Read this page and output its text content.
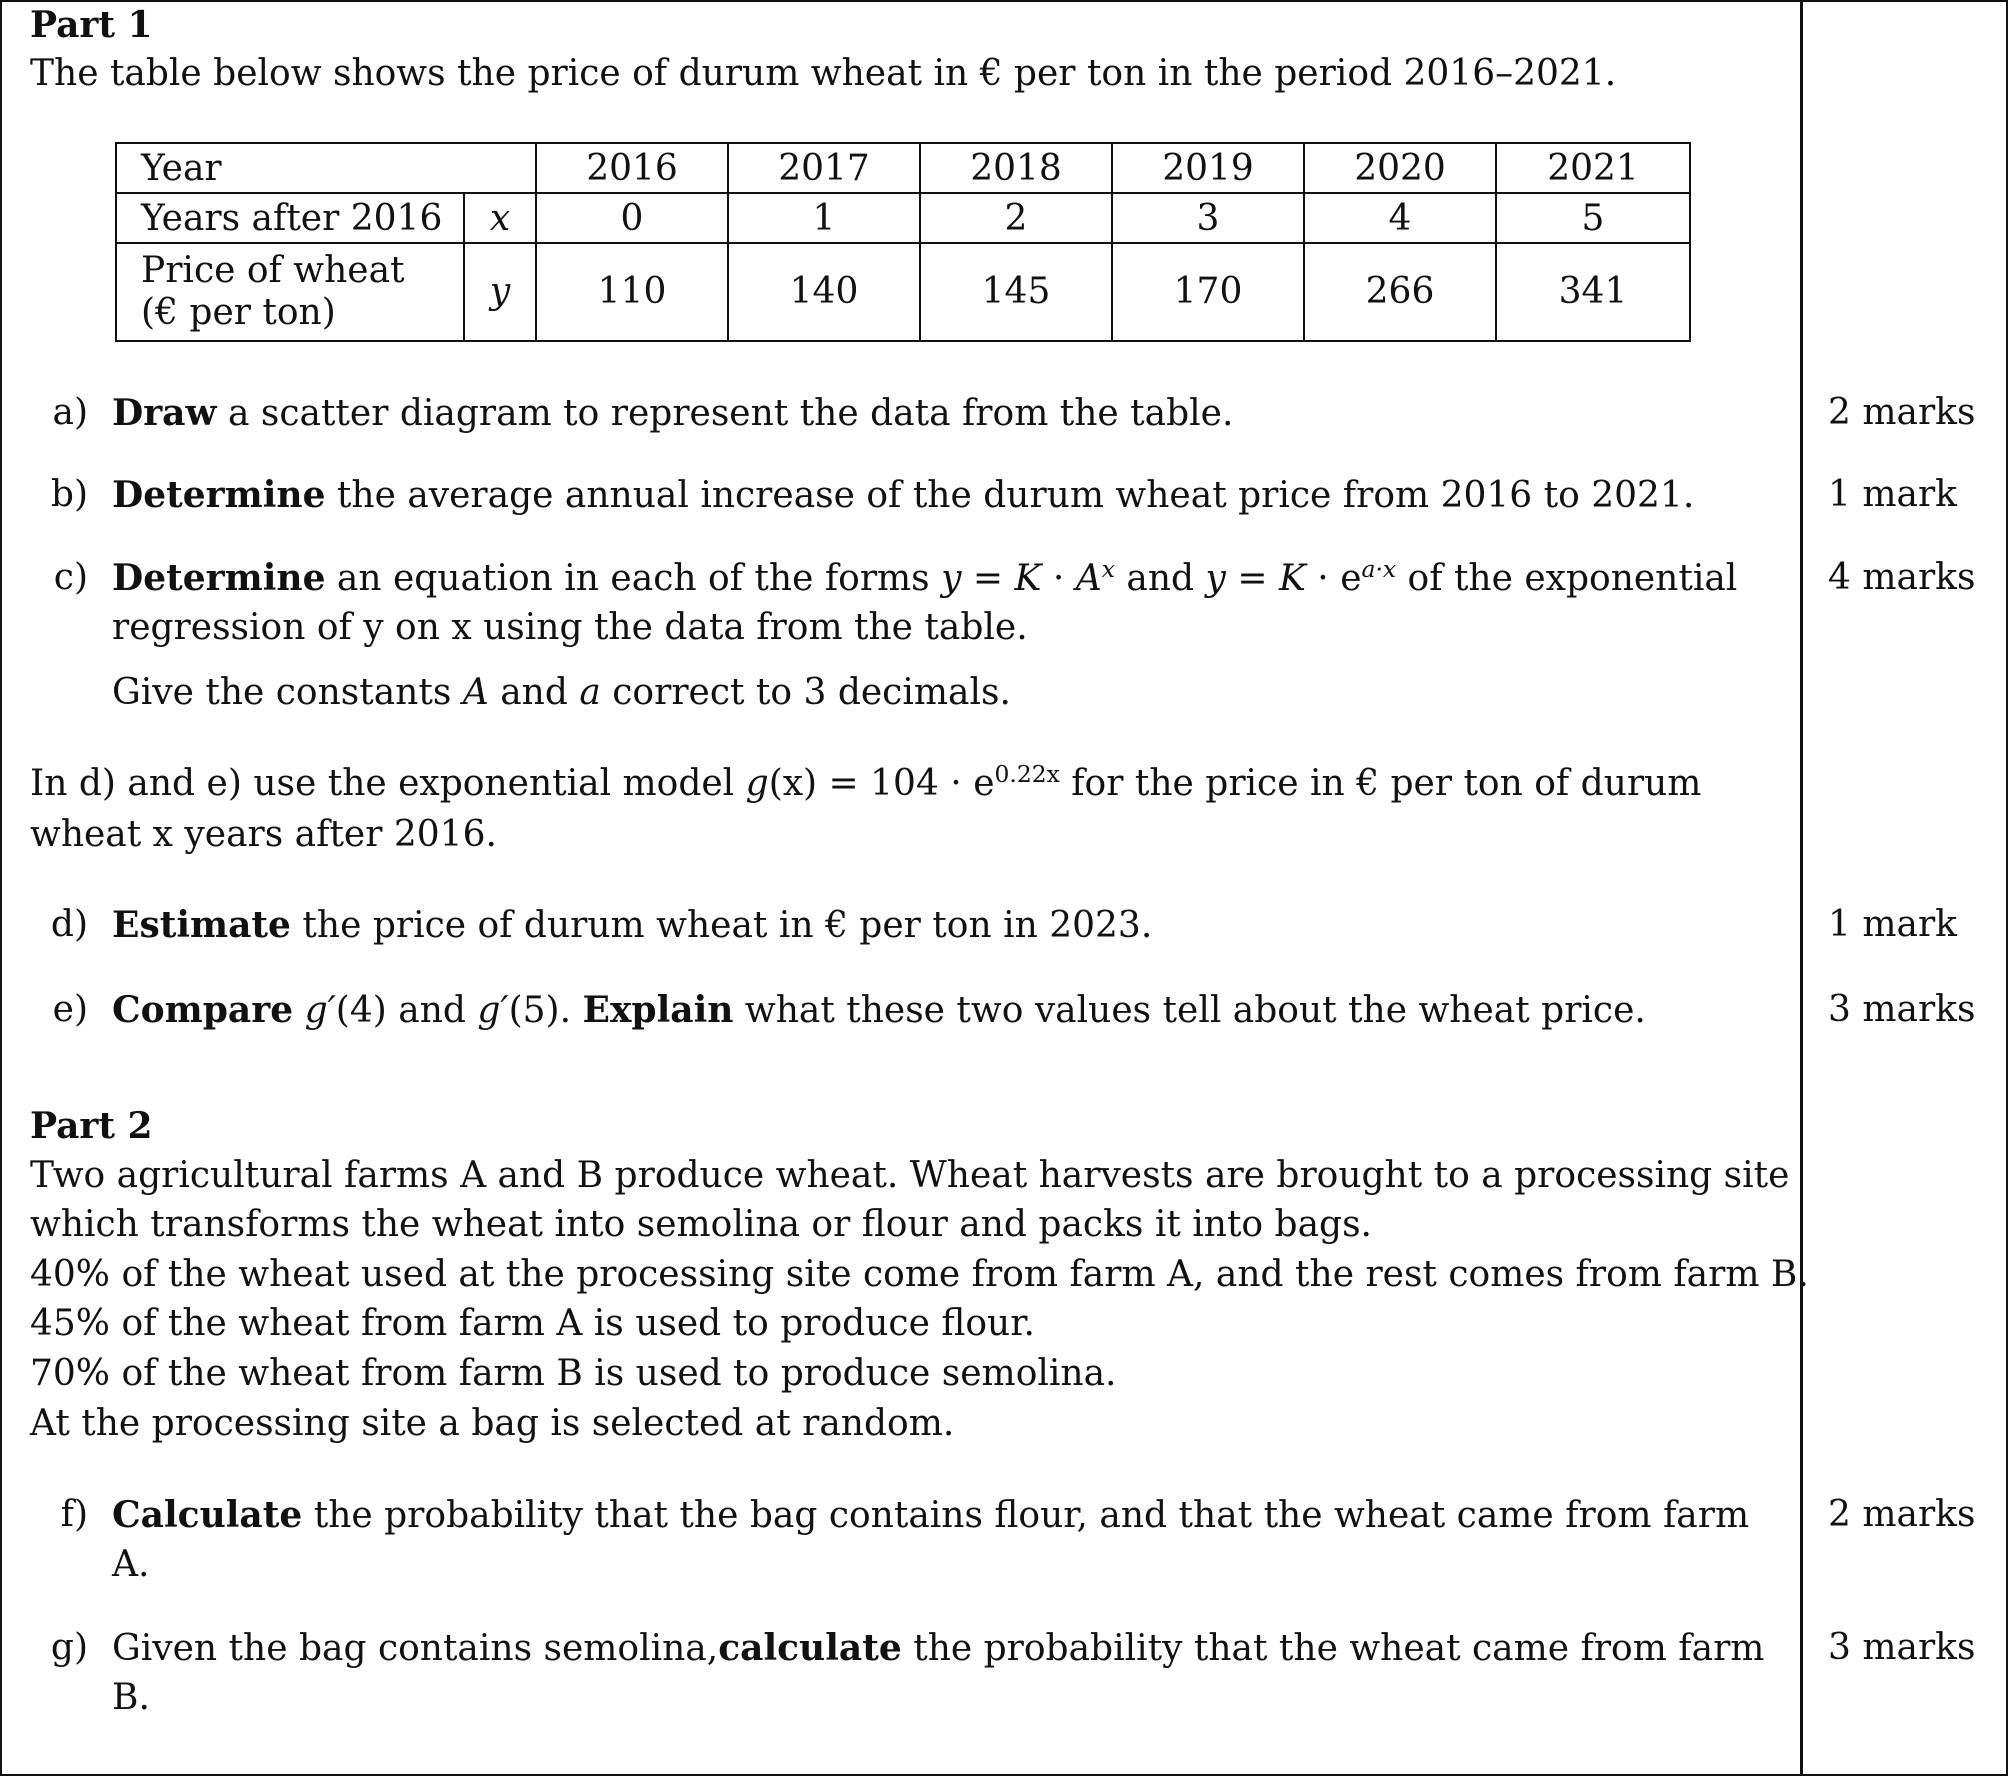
Part 1
The table below shows the price of durum wheat in € per ton in the period 2016–2021.
Year		2016	2017	2018	2019	2020	2021
Years after 2016	x	0	1	2	3	4	5
Price of wheat
(€ per ton)	y	110	140	145	170	266	341
a) Draw a scatter diagram to represent the data from the table.	2 marks
b) Determine the average annual increase of the durum wheat price from 2016 to 2021.	1 mark
c) Determine an equation in each of the forms $y = K \cdot A^x$ and $y = K \cdot e^{a\cdot x}$ of the exponential
regression of y on x using the data from the table.
Give the constants A and a correct to 3 decimals.
4 marks
In d) and e) use the exponential model $g(x) = 104 \cdot e^{0.22x}$ for the price in € per ton of durum
wheat x years after 2016.
d) Estimate the price of durum wheat in € per ton in 2023.	1 mark
e) Compare g′(4) and g′(5). Explain what these two values tell about the wheat price.	3 marks
Part 2
Two agricultural farms A and B produce wheat. Wheat harvests are brought to a processing site
which transforms the wheat into semolina or flour and packs it into bags.
40% of the wheat used at the processing site come from farm A, and the rest comes from farm B.
45% of the wheat from farm A is used to produce flour.
70% of the wheat from farm B is used to produce semolina.
At the processing site a bag is selected at random.
f) Calculate the probability that the bag contains flour, and that the wheat came from farm
A.
2 marks
g) Given the bag contains semolina,calculate the probability that the wheat came from farm
B.
3 marks
